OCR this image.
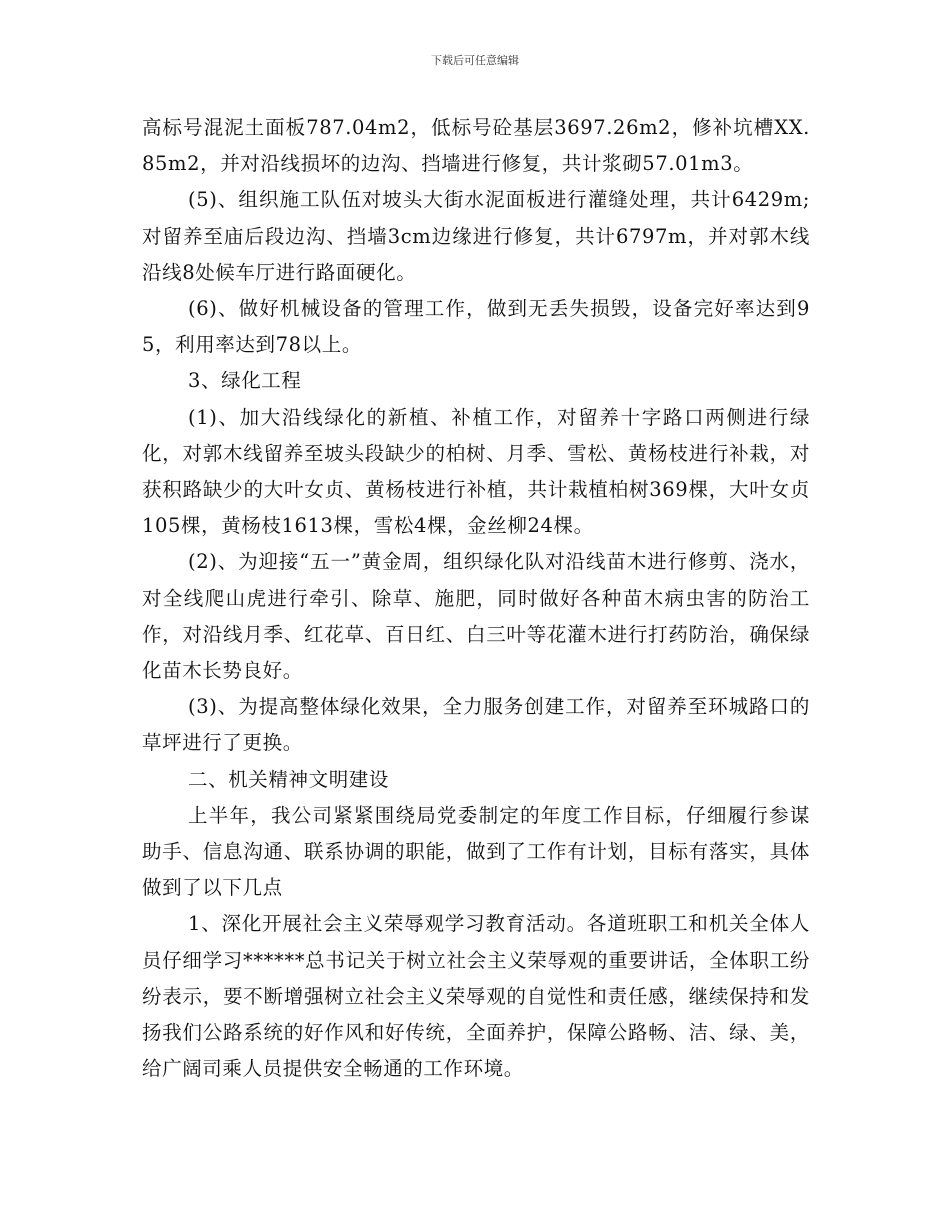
下载后可任意编辑

高标号混泥土面板787.04m2，低标号砼基层3697.26m2，修补坑槽XX.85m2，并对沿线损坏的边沟、挡墙进行修复，共计浆砌57.01m3。

(5)、组织施工队伍对坡头大街水泥面板进行灌缝处理，共计6429m;对留养至庙后段边沟、挡墙3cm边缘进行修复，共计6797m，并对郭木线沿线8处候车厅进行路面硬化。

(6)、做好机械设备的管理工作，做到无丢失损毁，设备完好率达到95，利用率达到78以上。

3、绿化工程

(1)、加大沿线绿化的新植、补植工作，对留养十字路口两侧进行绿化，对郭木线留养至坡头段缺少的柏树、月季、雪松、黄杨枝进行补栽，对获积路缺少的大叶女贞、黄杨枝进行补植，共计栽植柏树369棵，大叶女贞105棵，黄杨枝1613棵，雪松4棵，金丝柳24棵。

(2)、为迎接“五一”黄金周，组织绿化队对沿线苗木进行修剪、浇水，对全线爬山虎进行牵引、除草、施肥，同时做好各种苗木病虫害的防治工作，对沿线月季、红花草、百日红、白三叶等花灌木进行打药防治，确保绿化苗木长势良好。

(3)、为提高整体绿化效果，全力服务创建工作，对留养至环城路口的草坪进行了更换。

二、机关精神文明建设

上半年，我公司紧紧围绕局党委制定的年度工作目标，仔细履行参谋助手、信息沟通、联系协调的职能，做到了工作有计划，目标有落实，具体做到了以下几点

1、深化开展社会主义荣辱观学习教育活动。各道班职工和机关全体人员仔细学习******总书记关于树立社会主义荣辱观的重要讲话，全体职工纷纷表示，要不断增强树立社会主义荣辱观的自觉性和责任感，继续保持和发扬我们公路系统的好作风和好传统，全面养护，保障公路畅、洁、绿、美，给广阔司乘人员提供安全畅通的工作环境。
